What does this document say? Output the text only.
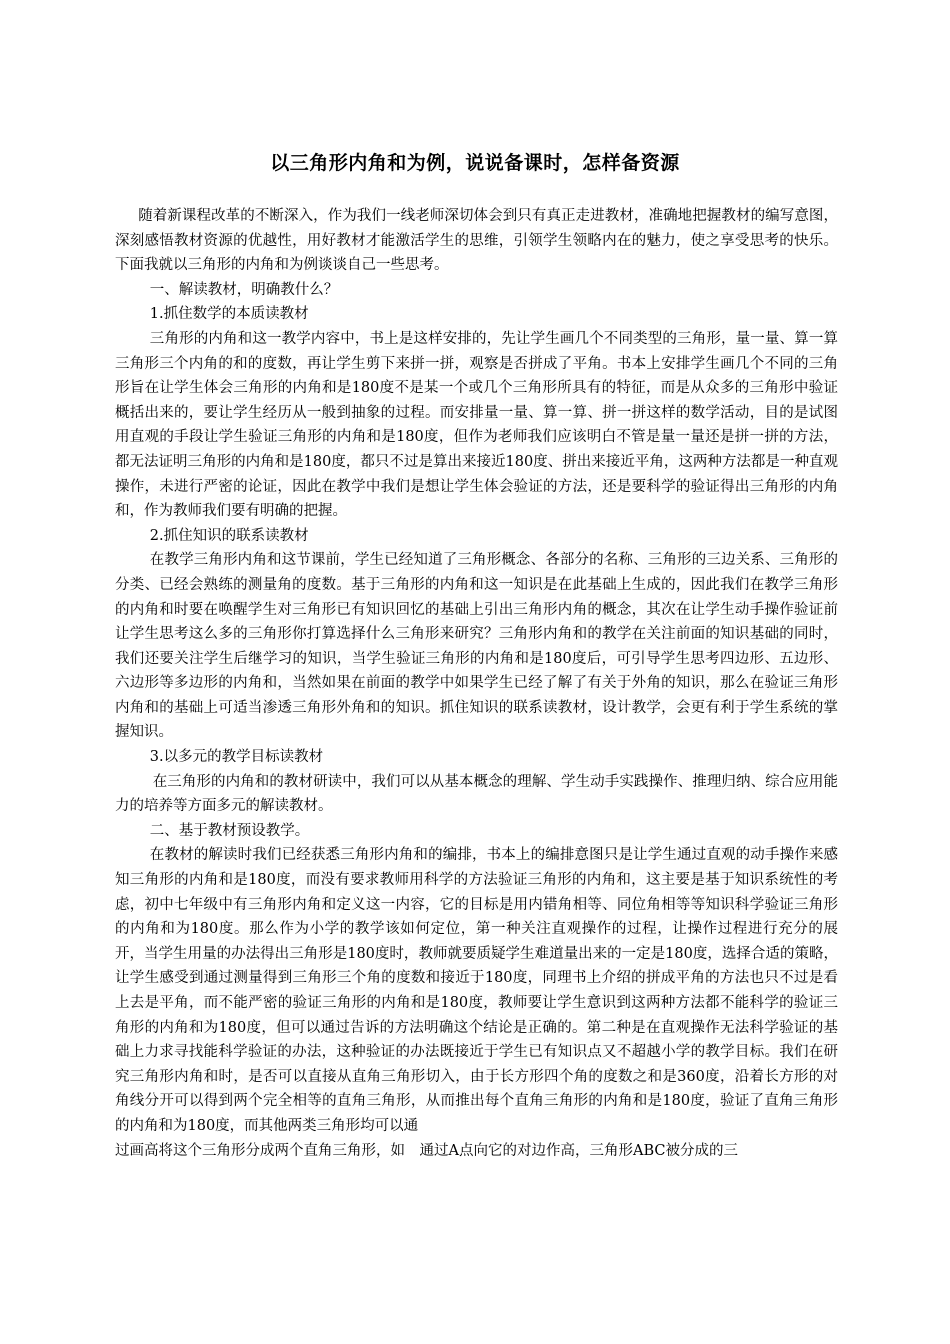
以三角形内角和为例，说说备课时，怎样备资源

随着新课程改革的不断深入，作为我们一线老师深切体会到只有真正走进教材，准确地把握教材的编写意图，深刻感悟教材资源的优越性，用好教材才能激活学生的思维，引领学生领略内在的魅力，使之享受思考的快乐。下面我就以三角形的内角和为例谈谈自己一些思考。

一、解读教材，明确教什么？

1.抓住数学的本质读教材

三角形的内角和这一教学内容中，书上是这样安排的，先让学生画几个不同类型的三角形，量一量、算一算三角形三个内角的和的度数，再让学生剪下来拼一拼，观察是否拼成了平角。书本上安排学生画几个不同的三角形旨在让学生体会三角形的内角和是180度不是某一个或几个三角形所具有的特征，而是从众多的三角形中验证概括出来的，要让学生经历从一般到抽象的过程。而安排量一量、算一算、拼一拼这样的数学活动，目的是试图用直观的手段让学生验证三角形的内角和是180度，但作为老师我们应该明白不管是量一量还是拼一拼的方法，都无法证明三角形的内角和是180度，都只不过是算出来接近180度、拼出来接近平角，这两种方法都是一种直观操作，未进行严密的论证，因此在教学中我们是想让学生体会验证的方法，还是要科学的验证得出三角形的内角和，作为教师我们要有明确的把握。

2.抓住知识的联系读教材

在教学三角形内角和这节课前，学生已经知道了三角形概念、各部分的名称、三角形的三边关系、三角形的分类、已经会熟练的测量角的度数。基于三角形的内角和这一知识是在此基础上生成的，因此我们在教学三角形的内角和时要在唤醒学生对三角形已有知识回忆的基础上引出三角形内角的概念，其次在让学生动手操作验证前让学生思考这么多的三角形你打算选择什么三角形来研究？三角形内角和的教学在关注前面的知识基础的同时，我们还要关注学生后继学习的知识，当学生验证三角形的内角和是180度后，可引导学生思考四边形、五边形、六边形等多边形的内角和，当然如果在前面的教学中如果学生已经了解了有关于外角的知识，那么在验证三角形内角和的基础上可适当渗透三角形外角和的知识。抓住知识的联系读教材，设计教学，会更有利于学生系统的掌握知识。

3.以多元的教学目标读教材

在三角形的内角和的教材研读中，我们可以从基本概念的理解、学生动手实践操作、推理归纳、综合应用能力的培养等方面多元的解读教材。

二、基于教材预设教学。

在教材的解读时我们已经获悉三角形内角和的编排，书本上的编排意图只是让学生通过直观的动手操作来感知三角形的内角和是180度，而没有要求教师用科学的方法验证三角形的内角和，这主要是基于知识系统性的考虑，初中七年级中有三角形内角和定义这一内容，它的目标是用内错角相等、同位角相等等知识科学验证三角形的内角和为180度。那么作为小学的教学该如何定位，第一种关注直观操作的过程，让操作过程进行充分的展开，当学生用量的办法得出三角形是180度时，教师就要质疑学生难道量出来的一定是180度，选择合适的策略，让学生感受到通过测量得到三角形三个角的度数和接近于180度，同理书上介绍的拼成平角的方法也只不过是看上去是平角，而不能严密的验证三角形的内角和是180度，教师要让学生意识到这两种方法都不能科学的验证三角形的内角和为180度，但可以通过告诉的方法明确这个结论是正确的。第二种是在直观操作无法科学验证的基础上力求寻找能科学验证的办法，这种验证的办法既接近于学生已有知识点又不超越小学的教学目标。我们在研究三角形内角和时，是否可以直接从直角三角形切入，由于长方形四个角的度数之和是360度，沿着长方形的对角线分开可以得到两个完全相等的直角三角形，从而推出每个直角三角形的内角和是180度，验证了直角三角形的内角和为180度，而其他两类三角形均可以通

过画高将这个三角形分成两个直角三角形，如　通过A点向它的对边作高，三角形ABC被分成的三
